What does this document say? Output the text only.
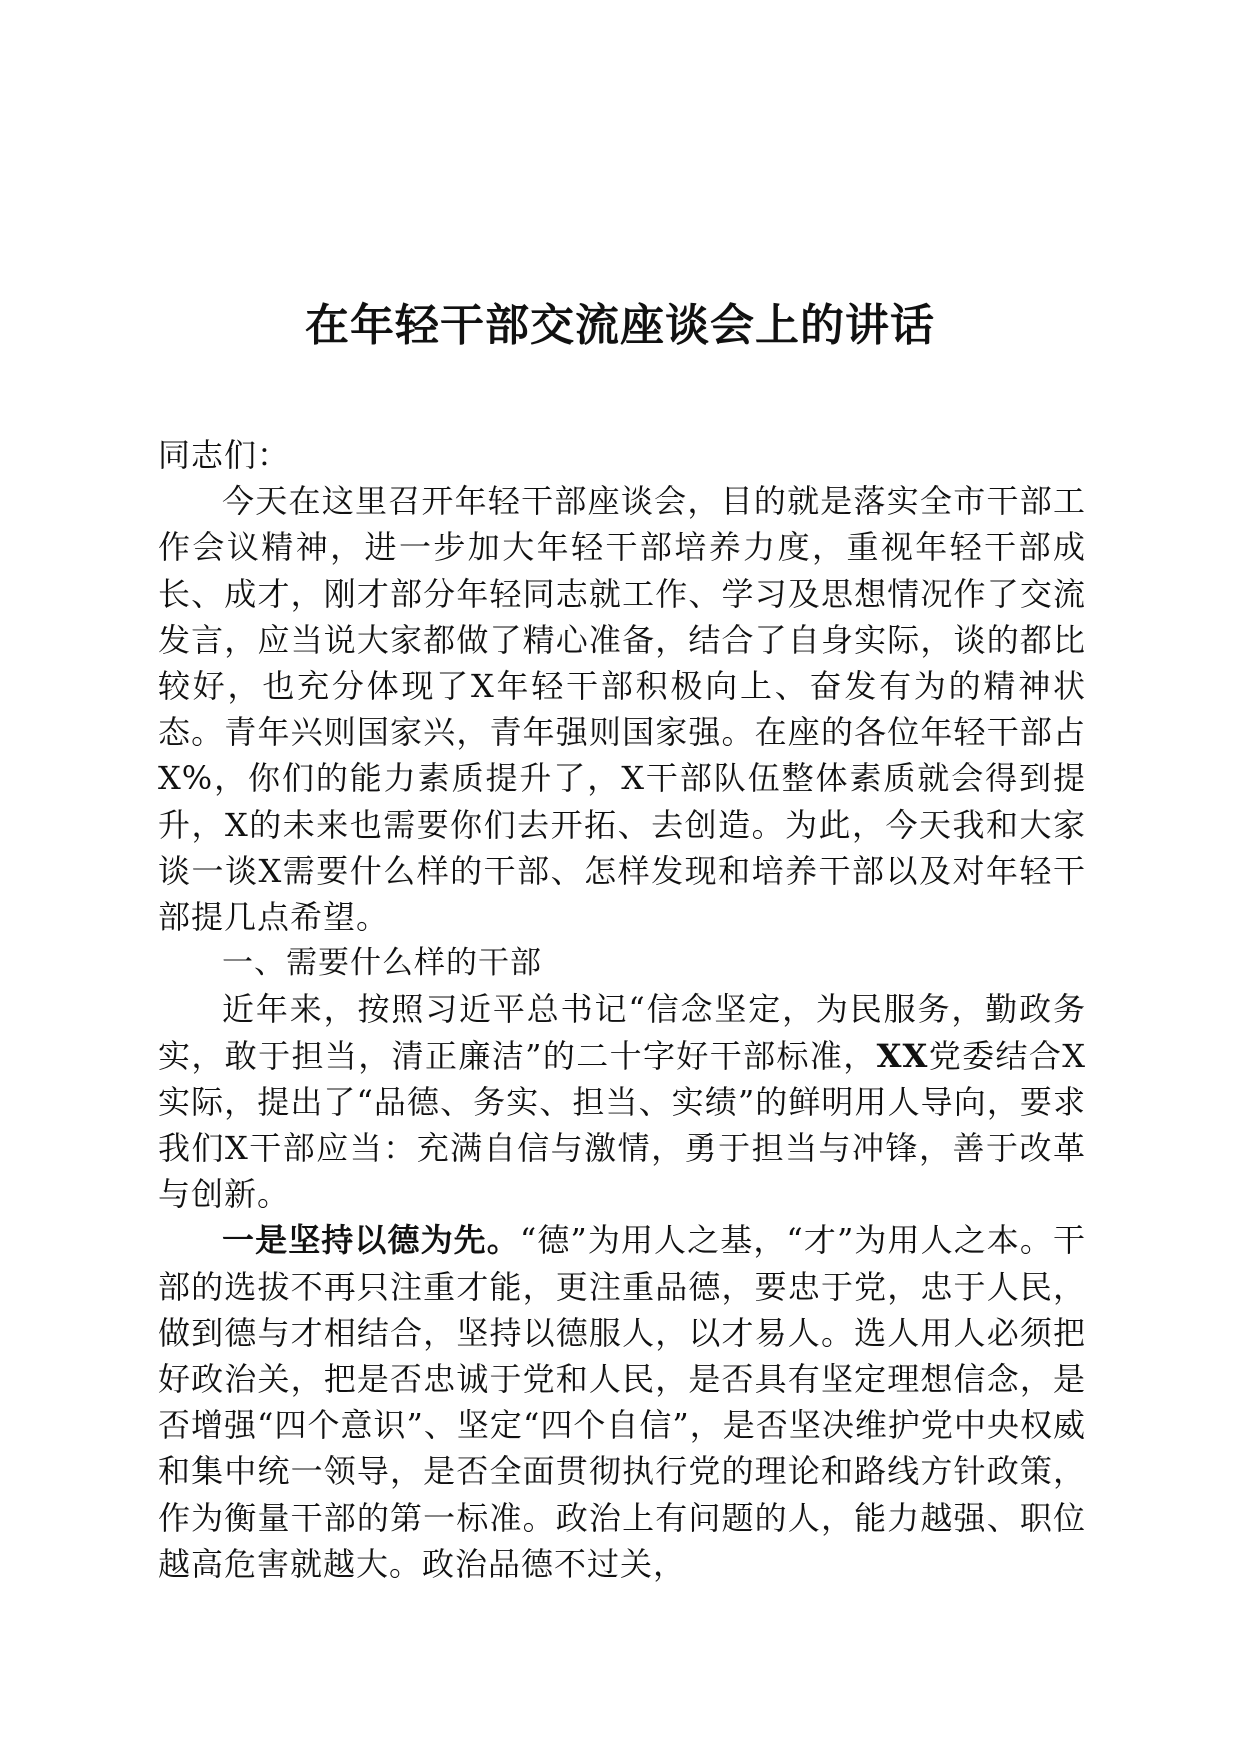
在年轻干部交流座谈会上的讲话

同志们：

今天在这里召开年轻干部座谈会，目的就是落实全市干部工作会议精神，进一步加大年轻干部培养力度，重视年轻干部成长、成才，刚才部分年轻同志就工作、学习及思想情况作了交流发言，应当说大家都做了精心准备，结合了自身实际，谈的都比较好，也充分体现了X年轻干部积极向上、奋发有为的精神状态。青年兴则国家兴，青年强则国家强。在座的各位年轻干部占X%，你们的能力素质提升了，X干部队伍整体素质就会得到提升，X的未来也需要你们去开拓、去创造。为此，今天我和大家谈一谈X需要什么样的干部、怎样发现和培养干部以及对年轻干部提几点希望。

一、需要什么样的干部

近年来，按照习近平总书记“信念坚定，为民服务，勤政务实，敢于担当，清正廉洁”的二十字好干部标准，XX党委结合X实际，提出了“品德、务实、担当、实绩”的鲜明用人导向，要求我们X干部应当：充满自信与激情，勇于担当与冲锋，善于改革与创新。

一是坚持以德为先。“德”为用人之基，“才”为用人之本。干部的选拔不再只注重才能，更注重品德，要忠于党，忠于人民，做到德与才相结合，坚持以德服人，以才易人。选人用人必须把好政治关，把是否忠诚于党和人民，是否具有坚定理想信念，是否增强“四个意识”、坚定“四个自信”，是否坚决维护党中央权威和集中统一领导，是否全面贯彻执行党的理论和路线方针政策，作为衡量干部的第一标准。政治上有问题的人，能力越强、职位越高危害就越大。政治品德不过关，
